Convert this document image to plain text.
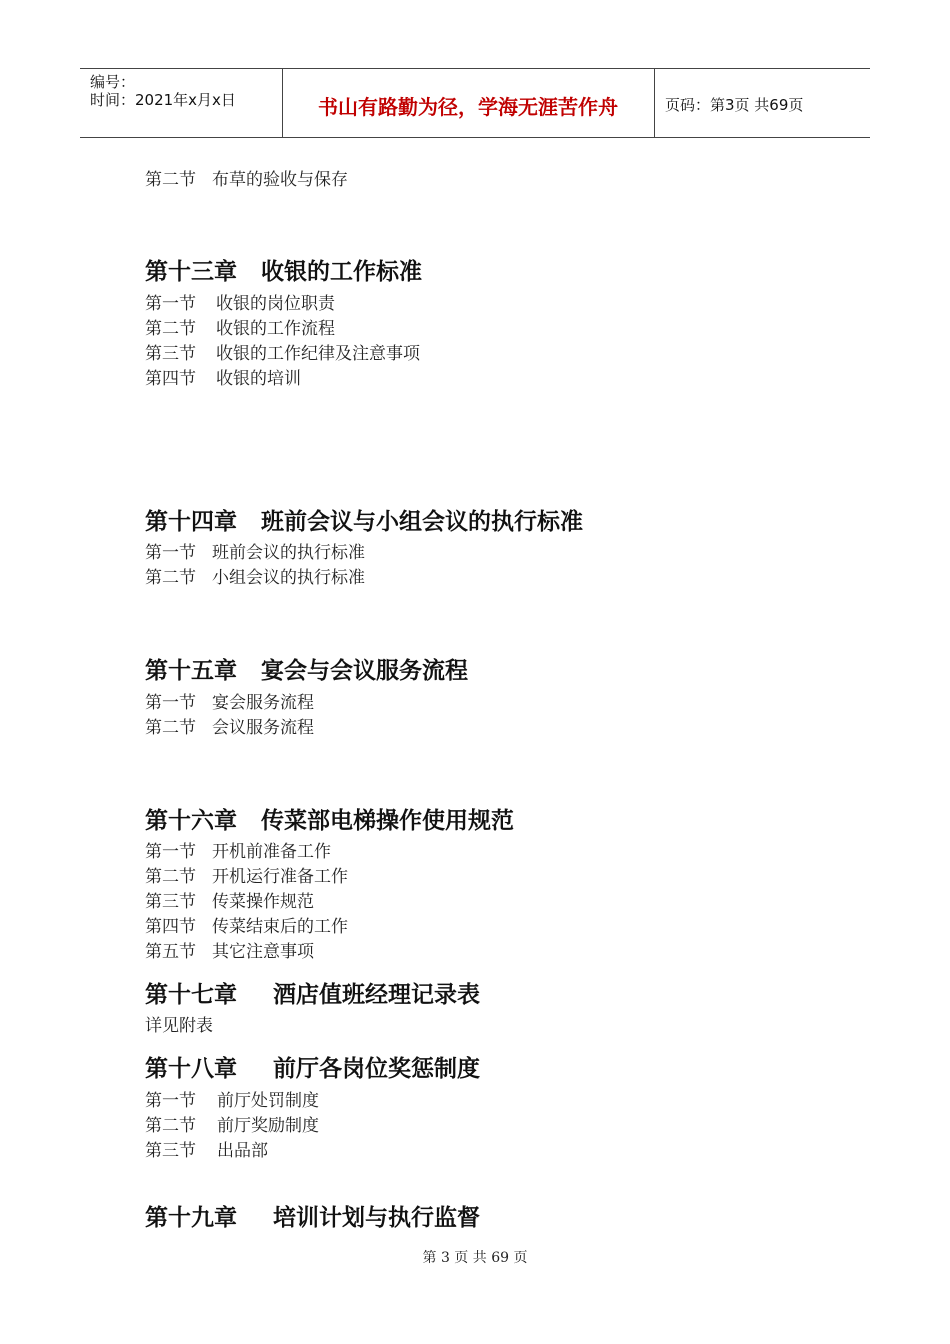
编号：
时间：2021年x月x日	书山有路勤为径，学海无涯苦作舟	页码：第3页 共69页
第二节 布草的验收与保存
第十三章 收银的工作标准
第一节 收银的岗位职责
第二节 收银的工作流程
第三节 收银的工作纪律及注意事项
第四节 收银的培训
第十四章 班前会议与小组会议的执行标准
第一节 班前会议的执行标准
第二节 小组会议的执行标准
第十五章 宴会与会议服务流程
第一节 宴会服务流程
第二节 会议服务流程
第十六章 传菜部电梯操作使用规范
第一节 开机前准备工作
第二节 开机运行准备工作
第三节 传菜操作规范
第四节 传菜结束后的工作
第五节 其它注意事项
第十七章 酒店值班经理记录表
详见附表
第十八章 前厅各岗位奖惩制度
第一节 前厅处罚制度
第二节 前厅奖励制度
第三节 出品部
第十九章 培训计划与执行监督
第 3 页 共 69 页
